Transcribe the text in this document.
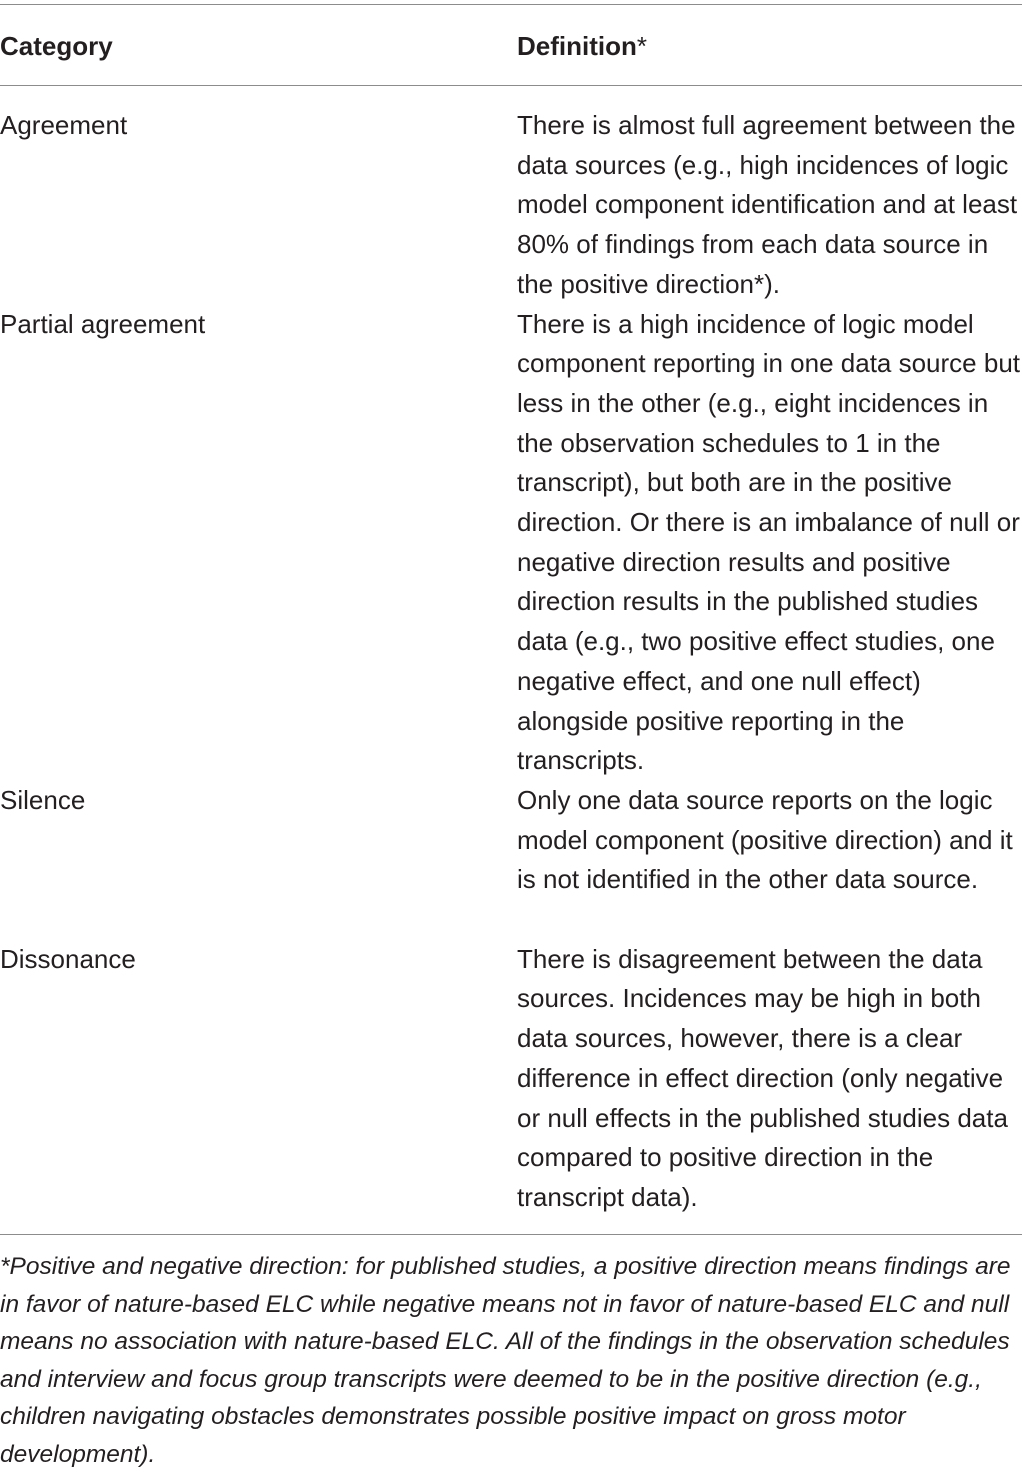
Category	Definition*

Agreement	There is almost full agreement between the data sources (e.g., high incidences of logic model component identification and at least 80% of findings from each data source in the positive direction*).

Partial agreement	There is a high incidence of logic model component reporting in one data source but less in the other (e.g., eight incidences in the observation schedules to 1 in the transcript), but both are in the positive direction. Or there is an imbalance of null or negative direction results and positive direction results in the published studies data (e.g., two positive effect studies, one negative effect, and one null effect) alongside positive reporting in the transcripts.

Silence	Only one data source reports on the logic model component (positive direction) and it is not identified in the other data source.

Dissonance	There is disagreement between the data sources. Incidences may be high in both data sources, however, there is a clear difference in effect direction (only negative or null effects in the published studies data compared to positive direction in the transcript data).

*Positive and negative direction: for published studies, a positive direction means findings are in favor of nature-based ELC while negative means not in favor of nature-based ELC and null means no association with nature-based ELC. All of the findings in the observation schedules and interview and focus group transcripts were deemed to be in the positive direction (e.g., children navigating obstacles demonstrates possible positive impact on gross motor development).
